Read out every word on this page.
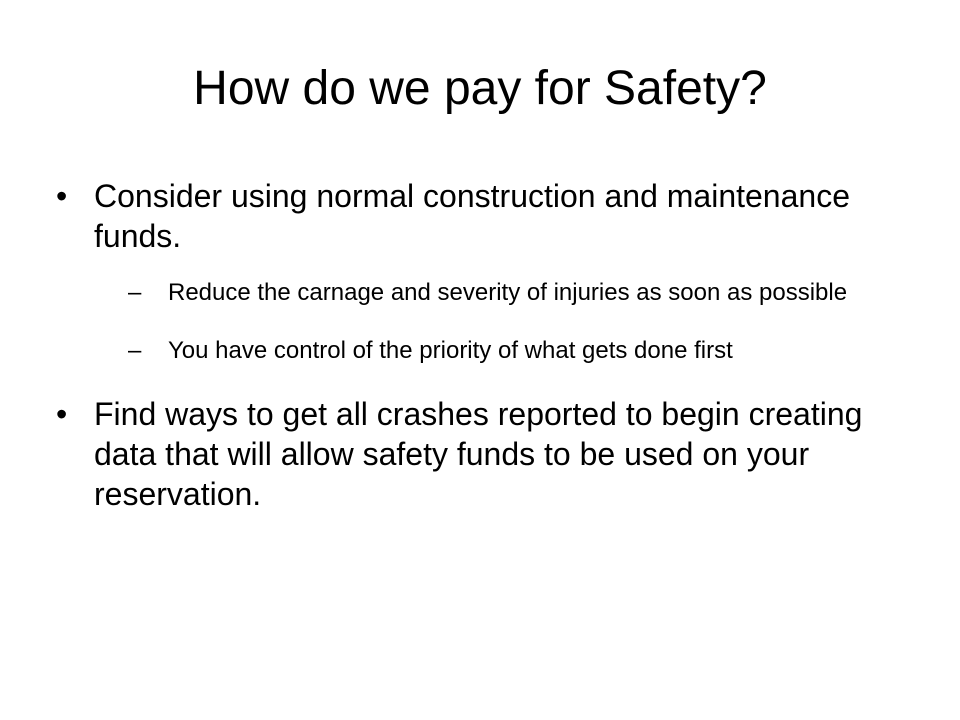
How do we pay for Safety?
• Consider using normal construction and maintenance funds.
–	Reduce the carnage and severity of injuries as soon as possible
–	You have control of the priority of what gets done first
• Find ways to get all crashes reported to begin creating data that will allow safety funds to be used on your reservation.
